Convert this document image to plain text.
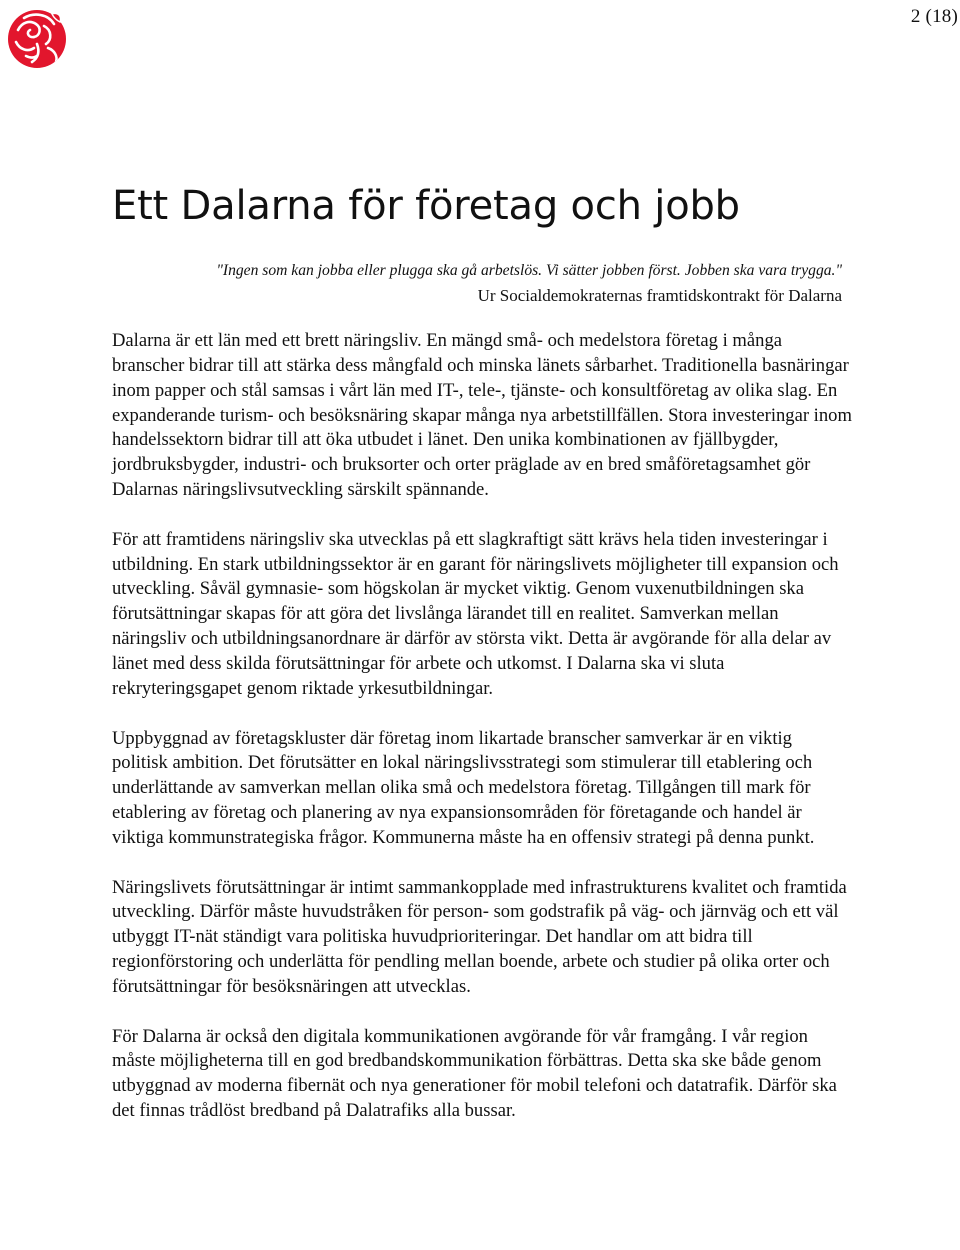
2 (18)
Ett Dalarna för företag och jobb
"Ingen som kan jobba eller plugga ska gå arbetslös. Vi sätter jobben först. Jobben ska vara trygga."
Ur Socialdemokraternas framtidskontrakt för Dalarna

Dalarna är ett län med ett brett näringsliv. En mängd små- och medelstora företag i många branscher bidrar till att stärka dess mångfald och minska länets sårbarhet. Traditionella basnäringar inom papper och stål samsas i vårt län med IT-, tele-, tjänste- och konsultföretag av olika slag. En expanderande turism- och besöksnäring skapar många nya arbetstillfällen. Stora investeringar inom handelssektorn bidrar till att öka utbudet i länet. Den unika kombinationen av fjällbygder, jordbruksbygder, industri- och bruksorter och orter präglade av en bred småföretagsamhet gör Dalarnas näringslivsutveckling särskilt spännande.

För att framtidens näringsliv ska utvecklas på ett slagkraftigt sätt krävs hela tiden investeringar i utbildning. En stark utbildningssektor är en garant för näringslivets möjligheter till expansion och utveckling. Såväl gymnasie- som högskolan är mycket viktig. Genom vuxenutbildningen ska förutsättningar skapas för att göra det livslånga lärandet till en realitet. Samverkan mellan näringsliv och utbildningsanordnare är därför av största vikt. Detta är avgörande för alla delar av länet med dess skilda förutsättningar för arbete och utkomst. I Dalarna ska vi sluta rekryteringsgapet genom riktade yrkesutbildningar.

Uppbyggnad av företagskluster där företag inom likartade branscher samverkar är en viktig politisk ambition. Det förutsätter en lokal näringslivsstrategi som stimulerar till etablering och underlättande av samverkan mellan olika små och medelstora företag. Tillgången till mark för etablering av företag och planering av nya expansionsområden för företagande och handel är viktiga kommunstrategiska frågor. Kommunerna måste ha en offensiv strategi på denna punkt.

Näringslivets förutsättningar är intimt sammankopplade med infrastrukturens kvalitet och framtida utveckling. Därför måste huvudstråken för person- som godstrafik på väg- och järnväg och ett väl utbyggt IT-nät ständigt vara politiska huvudprioriteringar. Det handlar om att bidra till regionförstoring och underlätta för pendling mellan boende, arbete och studier på olika orter och förutsättningar för besöksnäringen att utvecklas.

För Dalarna är också den digitala kommunikationen avgörande för vår framgång. I vår region måste möjligheterna till en god bredbandskommunikation förbättras. Detta ska ske både genom utbyggnad av moderna fibernät och nya generationer för mobil telefoni och datatrafik. Därför ska det finnas trådlöst bredband på Dalatrafiks alla bussar.
